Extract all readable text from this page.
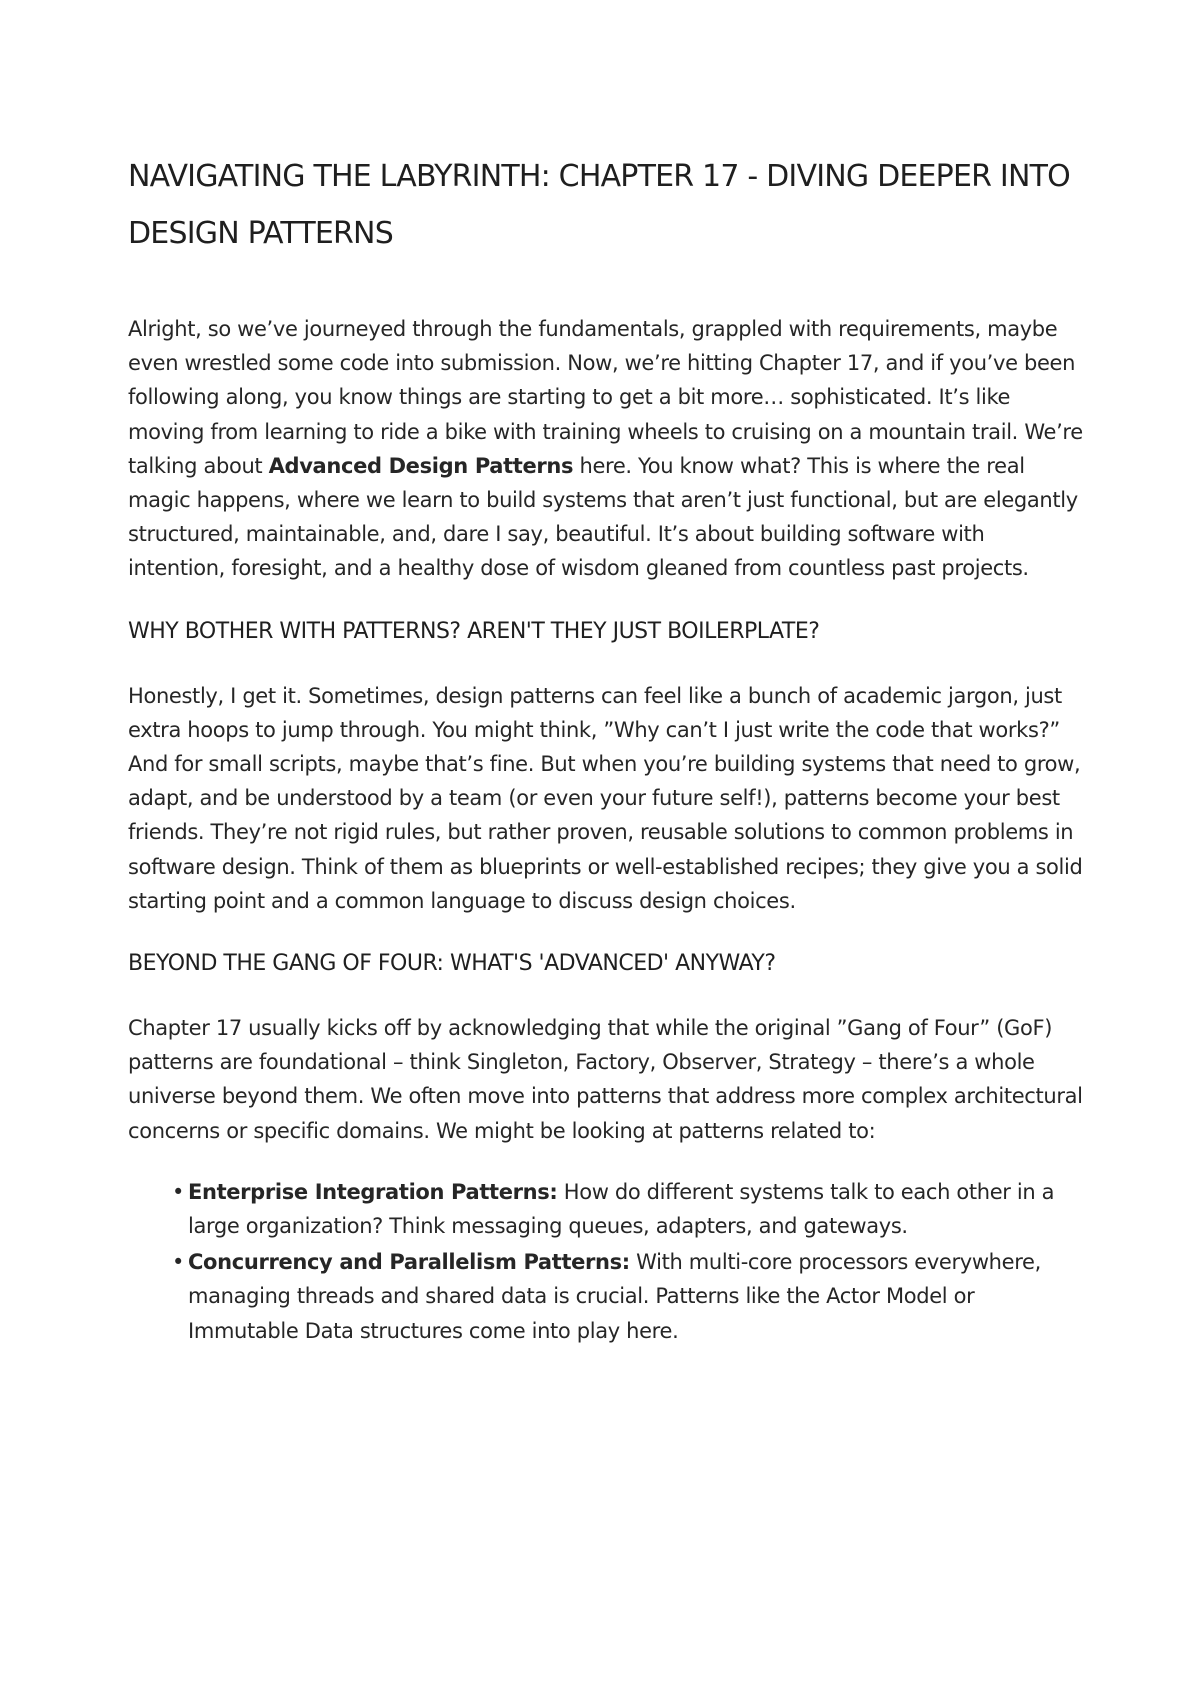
NAVIGATING THE LABYRINTH: CHAPTER 17 - DIVING DEEPER INTO DESIGN PATTERNS

Alright, so we’ve journeyed through the fundamentals, grappled with requirements, maybe even wrestled some code into submission. Now, we’re hitting Chapter 17, and if you’ve been following along, you know things are starting to get a bit more… sophisticated. It’s like moving from learning to ride a bike with training wheels to cruising on a mountain trail. We’re talking about Advanced Design Patterns here. You know what? This is where the real magic happens, where we learn to build systems that aren’t just functional, but are elegantly structured, maintainable, and, dare I say, beautiful. It’s about building software with intention, foresight, and a healthy dose of wisdom gleaned from countless past projects.

WHY BOTHER WITH PATTERNS? AREN'T THEY JUST BOILERPLATE?

Honestly, I get it. Sometimes, design patterns can feel like a bunch of academic jargon, just extra hoops to jump through. You might think, ”Why can’t I just write the code that works?” And for small scripts, maybe that’s fine. But when you’re building systems that need to grow, adapt, and be understood by a team (or even your future self!), patterns become your best friends. They’re not rigid rules, but rather proven, reusable solutions to common problems in software design. Think of them as blueprints or well-established recipes; they give you a solid starting point and a common language to discuss design choices.

BEYOND THE GANG OF FOUR: WHAT'S 'ADVANCED' ANYWAY?

Chapter 17 usually kicks off by acknowledging that while the original ”Gang of Four” (GoF) patterns are foundational – think Singleton, Factory, Observer, Strategy – there’s a whole universe beyond them. We often move into patterns that address more complex architectural concerns or specific domains. We might be looking at patterns related to:

• Enterprise Integration Patterns: How do different systems talk to each other in a large organization? Think messaging queues, adapters, and gateways.
• Concurrency and Parallelism Patterns: With multi-core processors everywhere, managing threads and shared data is crucial. Patterns like the Actor Model or Immutable Data structures come into play here.
